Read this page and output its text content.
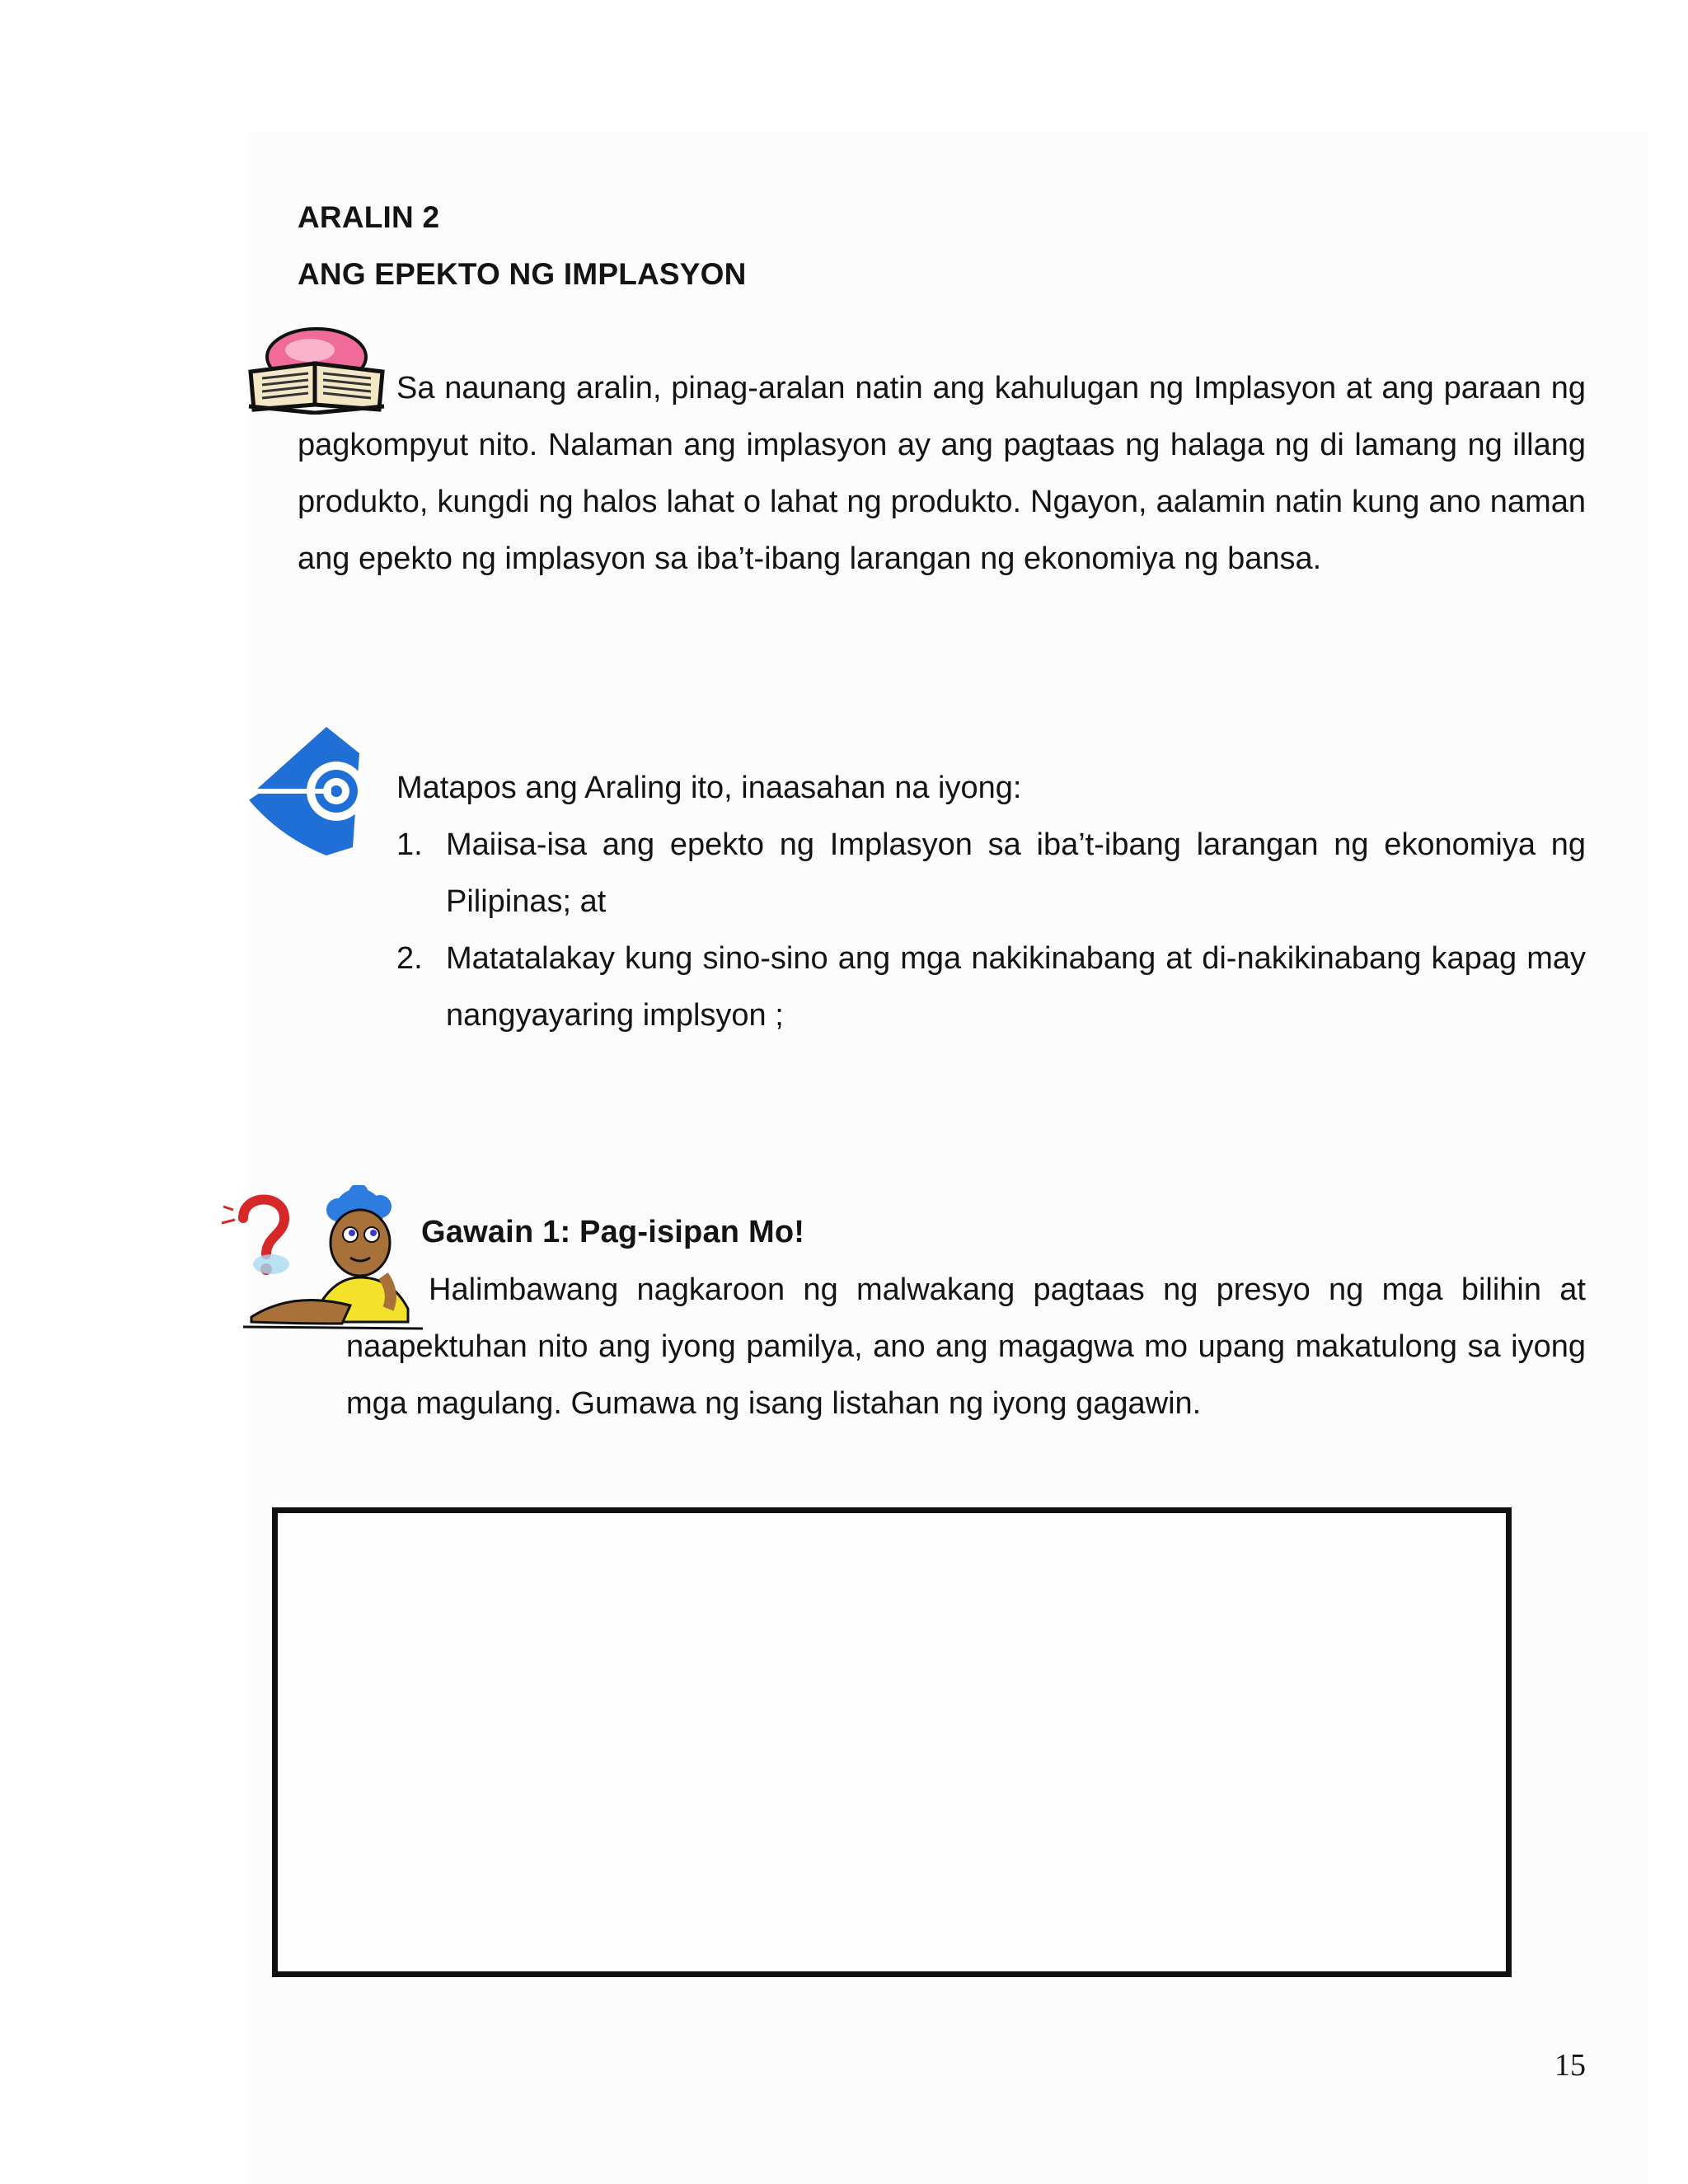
ARALIN 2
ANG EPEKTO NG IMPLASYON
Sa naunang aralin, pinag-aralan natin ang kahulugan ng Implasyon at ang paraan ng pagkompyut nito. Nalaman ang implasyon ay ang pagtaas ng halaga ng di lamang ng illang produkto, kungdi ng halos lahat o lahat ng produkto. Ngayon, aalamin natin kung ano naman ang epekto ng implasyon sa iba’t-ibang larangan ng ekonomiya ng bansa.
Matapos ang Araling ito, inaasahan na iyong:
1. Maiisa-isa ang epekto ng Implasyon sa iba’t-ibang larangan ng ekonomiya ng Pilipinas; at
2. Matatalakay kung sino-sino ang mga nakikinabang at di-nakikinabang kapag may nangyayaring implsyon ;
Gawain 1: Pag-isipan Mo!
Halimbawang nagkaroon ng malwakang pagtaas ng presyo ng mga bilihin at naapektuhan nito ang iyong pamilya, ano ang magagwa mo upang makatulong sa iyong mga magulang. Gumawa ng isang listahan ng iyong gagawin.
15
